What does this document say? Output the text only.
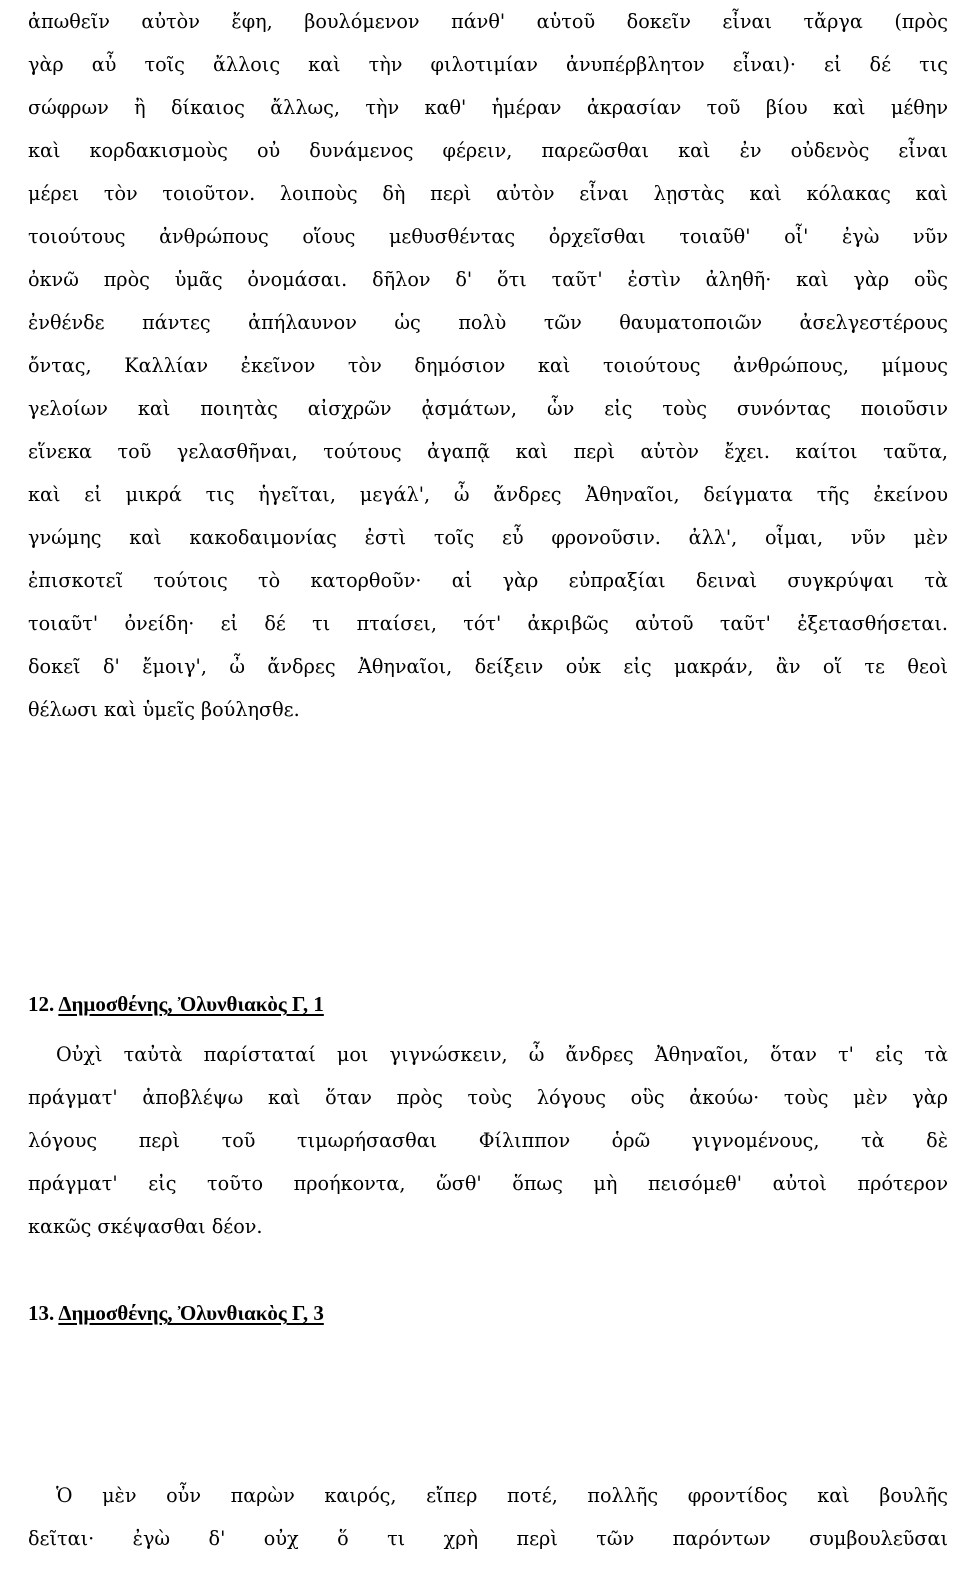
ἀπωθεῖν αὐτὸν ἔφη, βουλόμενον πάνθ' αὑτοῦ δοκεῖν εἶναι τἄργα (πρὸς
γὰρ αὖ τοῖς ἄλλοις καὶ τὴν φιλοτιμίαν ἀνυπέρβλητον εἶναι)· εἰ δέ τις
σώφρων ἢ δίκαιος ἄλλως, τὴν καθ' ἡμέραν ἀκρασίαν τοῦ βίου καὶ μέθην
καὶ κορδακισμοὺς οὐ δυνάμενος φέρειν, παρεῶσθαι καὶ ἐν οὐδενὸς εἶναι
μέρει τὸν τοιοῦτον. λοιποὺς δὴ περὶ αὐτὸν εἶναι λῃστὰς καὶ κόλακας καὶ
τοιούτους ἀνθρώπους οἵους μεθυσθέντας ὀρχεῖσθαι τοιαῦθ' οἷ' ἐγὼ νῦν
ὀκνῶ πρὸς ὑμᾶς ὀνομάσαι. δῆλον δ' ὅτι ταῦτ' ἐστὶν ἀληθῆ· καὶ γὰρ οὓς
ἐνθένδε πάντες ἀπήλαυνον ὡς πολὺ τῶν θαυματοποιῶν ἀσελγεστέρους
ὄντας, Καλλίαν ἐκεῖνον τὸν δημόσιον καὶ τοιούτους ἀνθρώπους, μίμους
γελοίων καὶ ποιητὰς αἰσχρῶν ᾀσμάτων, ὧν εἰς τοὺς συνόντας ποιοῦσιν
εἵνεκα τοῦ γελασθῆναι, τούτους ἀγαπᾷ καὶ περὶ αὑτὸν ἔχει. καίτοι ταῦτα,
καὶ εἰ μικρά τις ἡγεῖται, μεγάλ', ὦ ἄνδρες Ἀθηναῖοι, δείγματα τῆς ἐκείνου
γνώμης καὶ κακοδαιμονίας ἐστὶ τοῖς εὖ φρονοῦσιν. ἀλλ', οἶμαι, νῦν μὲν
ἐπισκοτεῖ τούτοις τὸ κατορθοῦν· αἱ γὰρ εὐπραξίαι δειναὶ συγκρύψαι τὰ
τοιαῦτ' ὀνείδη· εἰ δέ τι πταίσει, τότ' ἀκριβῶς αὐτοῦ ταῦτ' ἐξετασθήσεται.
δοκεῖ δ' ἔμοιγ', ὦ ἄνδρες Ἀθηναῖοι, δείξειν οὐκ εἰς μακράν, ἂν οἵ τε θεοὶ
θέλωσι καὶ ὑμεῖς βούλησθε.
12. Δημοσθένης, Ὀλυνθιακὸς Γ, 1
Οὐχὶ ταὐτὰ παρίσταταί μοι γιγνώσκειν, ὦ ἄνδρες Ἀθηναῖοι, ὅταν τ' εἰς τὰ
πράγματ' ἀποβλέψω καὶ ὅταν πρὸς τοὺς λόγους οὓς ἀκούω· τοὺς μὲν γὰρ
λόγους περὶ τοῦ τιμωρήσασθαι Φίλιππον ὁρῶ γιγνομένους, τὰ δὲ
πράγματ' εἰς τοῦτο προήκοντα, ὥσθ' ὅπως μὴ πεισόμεθ' αὐτοὶ πρότερον
κακῶς σκέψασθαι δέον.
13. Δημοσθένης, Ὀλυνθιακὸς Γ, 3
Ὁ μὲν οὖν παρὼν καιρός, εἴπερ ποτέ, πολλῆς φροντίδος καὶ βουλῆς
δεῖται· ἐγὼ δ' οὐχ ὅ τι χρὴ περὶ τῶν παρόντων συμβουλεῦσαι
